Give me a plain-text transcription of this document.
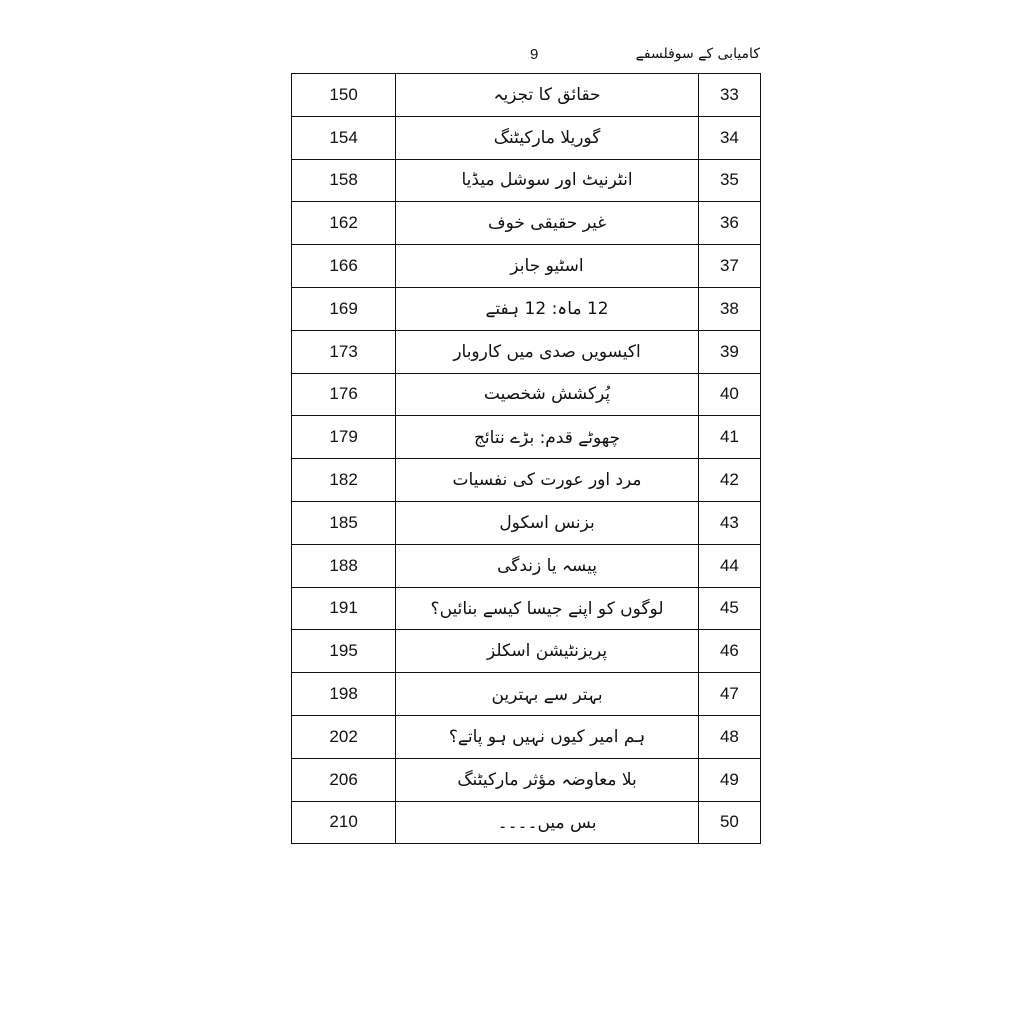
9	کامیابی کے سوفلسفے
150	حقائق کا تجزیہ	33
154	گوریلا مارکیٹنگ	34
158	انٹرنیٹ اور سوشل میڈیا	35
162	غیر حقیقی خوف	36
166	اسٹیو جابز	37
169	12 ماہ: 12 ہفتے	38
173	اکیسویں صدی میں کاروبار	39
176	پُرکشش شخصیت	40
179	چھوٹے قدم: بڑے نتائج	41
182	مرد اور عورت کی نفسیات	42
185	بزنس اسکول	43
188	پیسہ یا زندگی	44
191	لوگوں کو اپنے جیسا کیسے بنائیں؟	45
195	پریزنٹیشن اسکلز	46
198	بہتر سے بہترین	47
202	ہم امیر کیوں نہیں ہو پاتے؟	48
206	بلا معاوضہ مؤثر مارکیٹنگ	49
210	بس میں۔۔۔۔	50
